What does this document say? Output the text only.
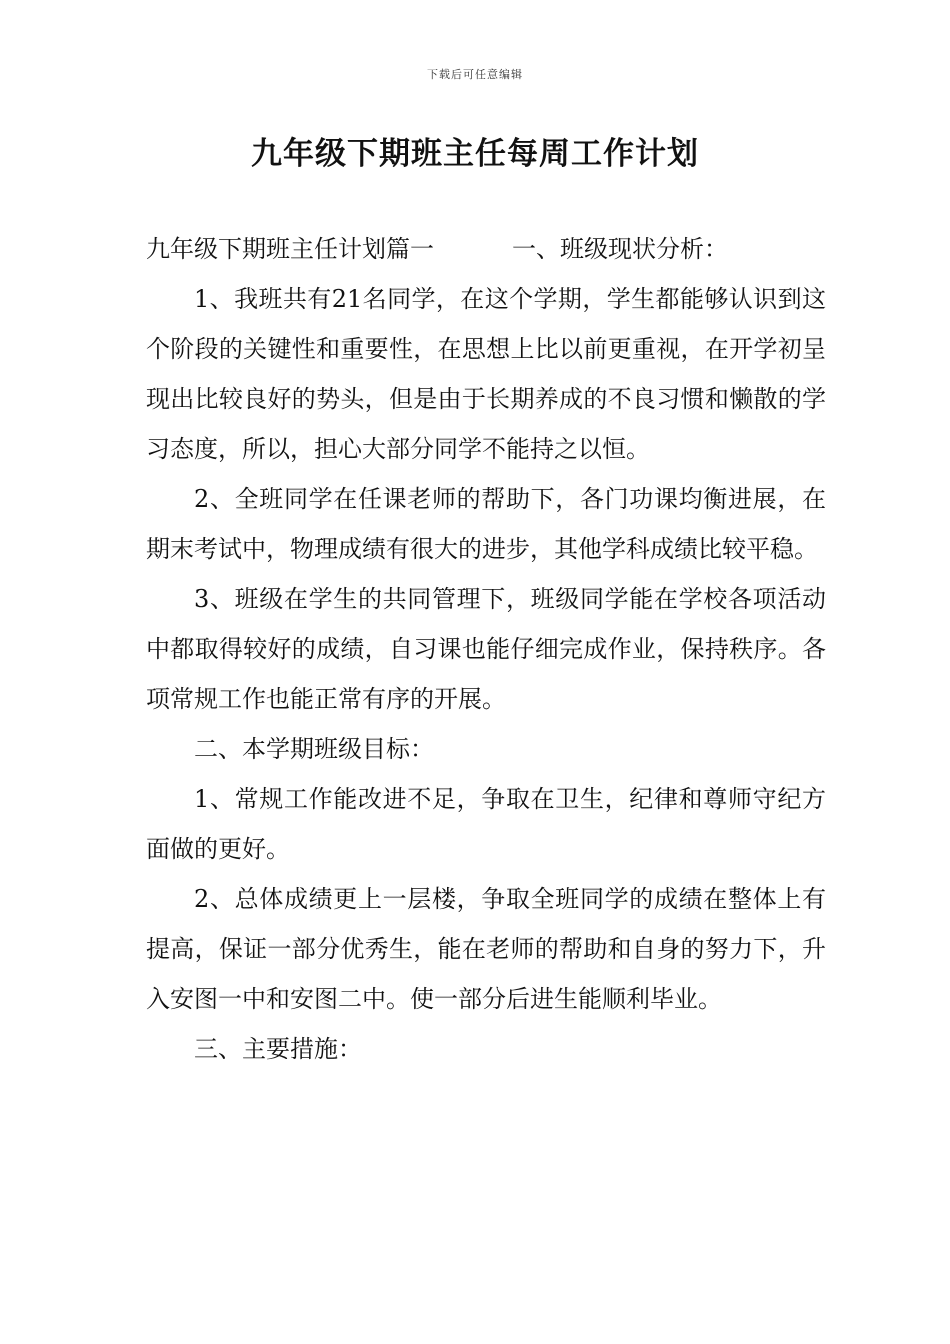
下载后可任意编辑
九年级下期班主任每周工作计划

九年级下期班主任计划篇一	一、班级现状分析：

1、我班共有21名同学，在这个学期，学生都能够认识到这个阶段的关键性和重要性，在思想上比以前更重视，在开学初呈现出比较良好的势头，但是由于长期养成的不良习惯和懒散的学习态度，所以，担心大部分同学不能持之以恒。

2、全班同学在任课老师的帮助下，各门功课均衡进展，在期末考试中，物理成绩有很大的进步，其他学科成绩比较平稳。

3、班级在学生的共同管理下，班级同学能在学校各项活动中都取得较好的成绩，自习课也能仔细完成作业，保持秩序。各项常规工作也能正常有序的开展。

二、本学期班级目标：

1、常规工作能改进不足，争取在卫生，纪律和尊师守纪方面做的更好。

2、总体成绩更上一层楼，争取全班同学的成绩在整体上有提高，保证一部分优秀生，能在老师的帮助和自身的努力下，升入安图一中和安图二中。使一部分后进生能顺利毕业。

三、主要措施：
